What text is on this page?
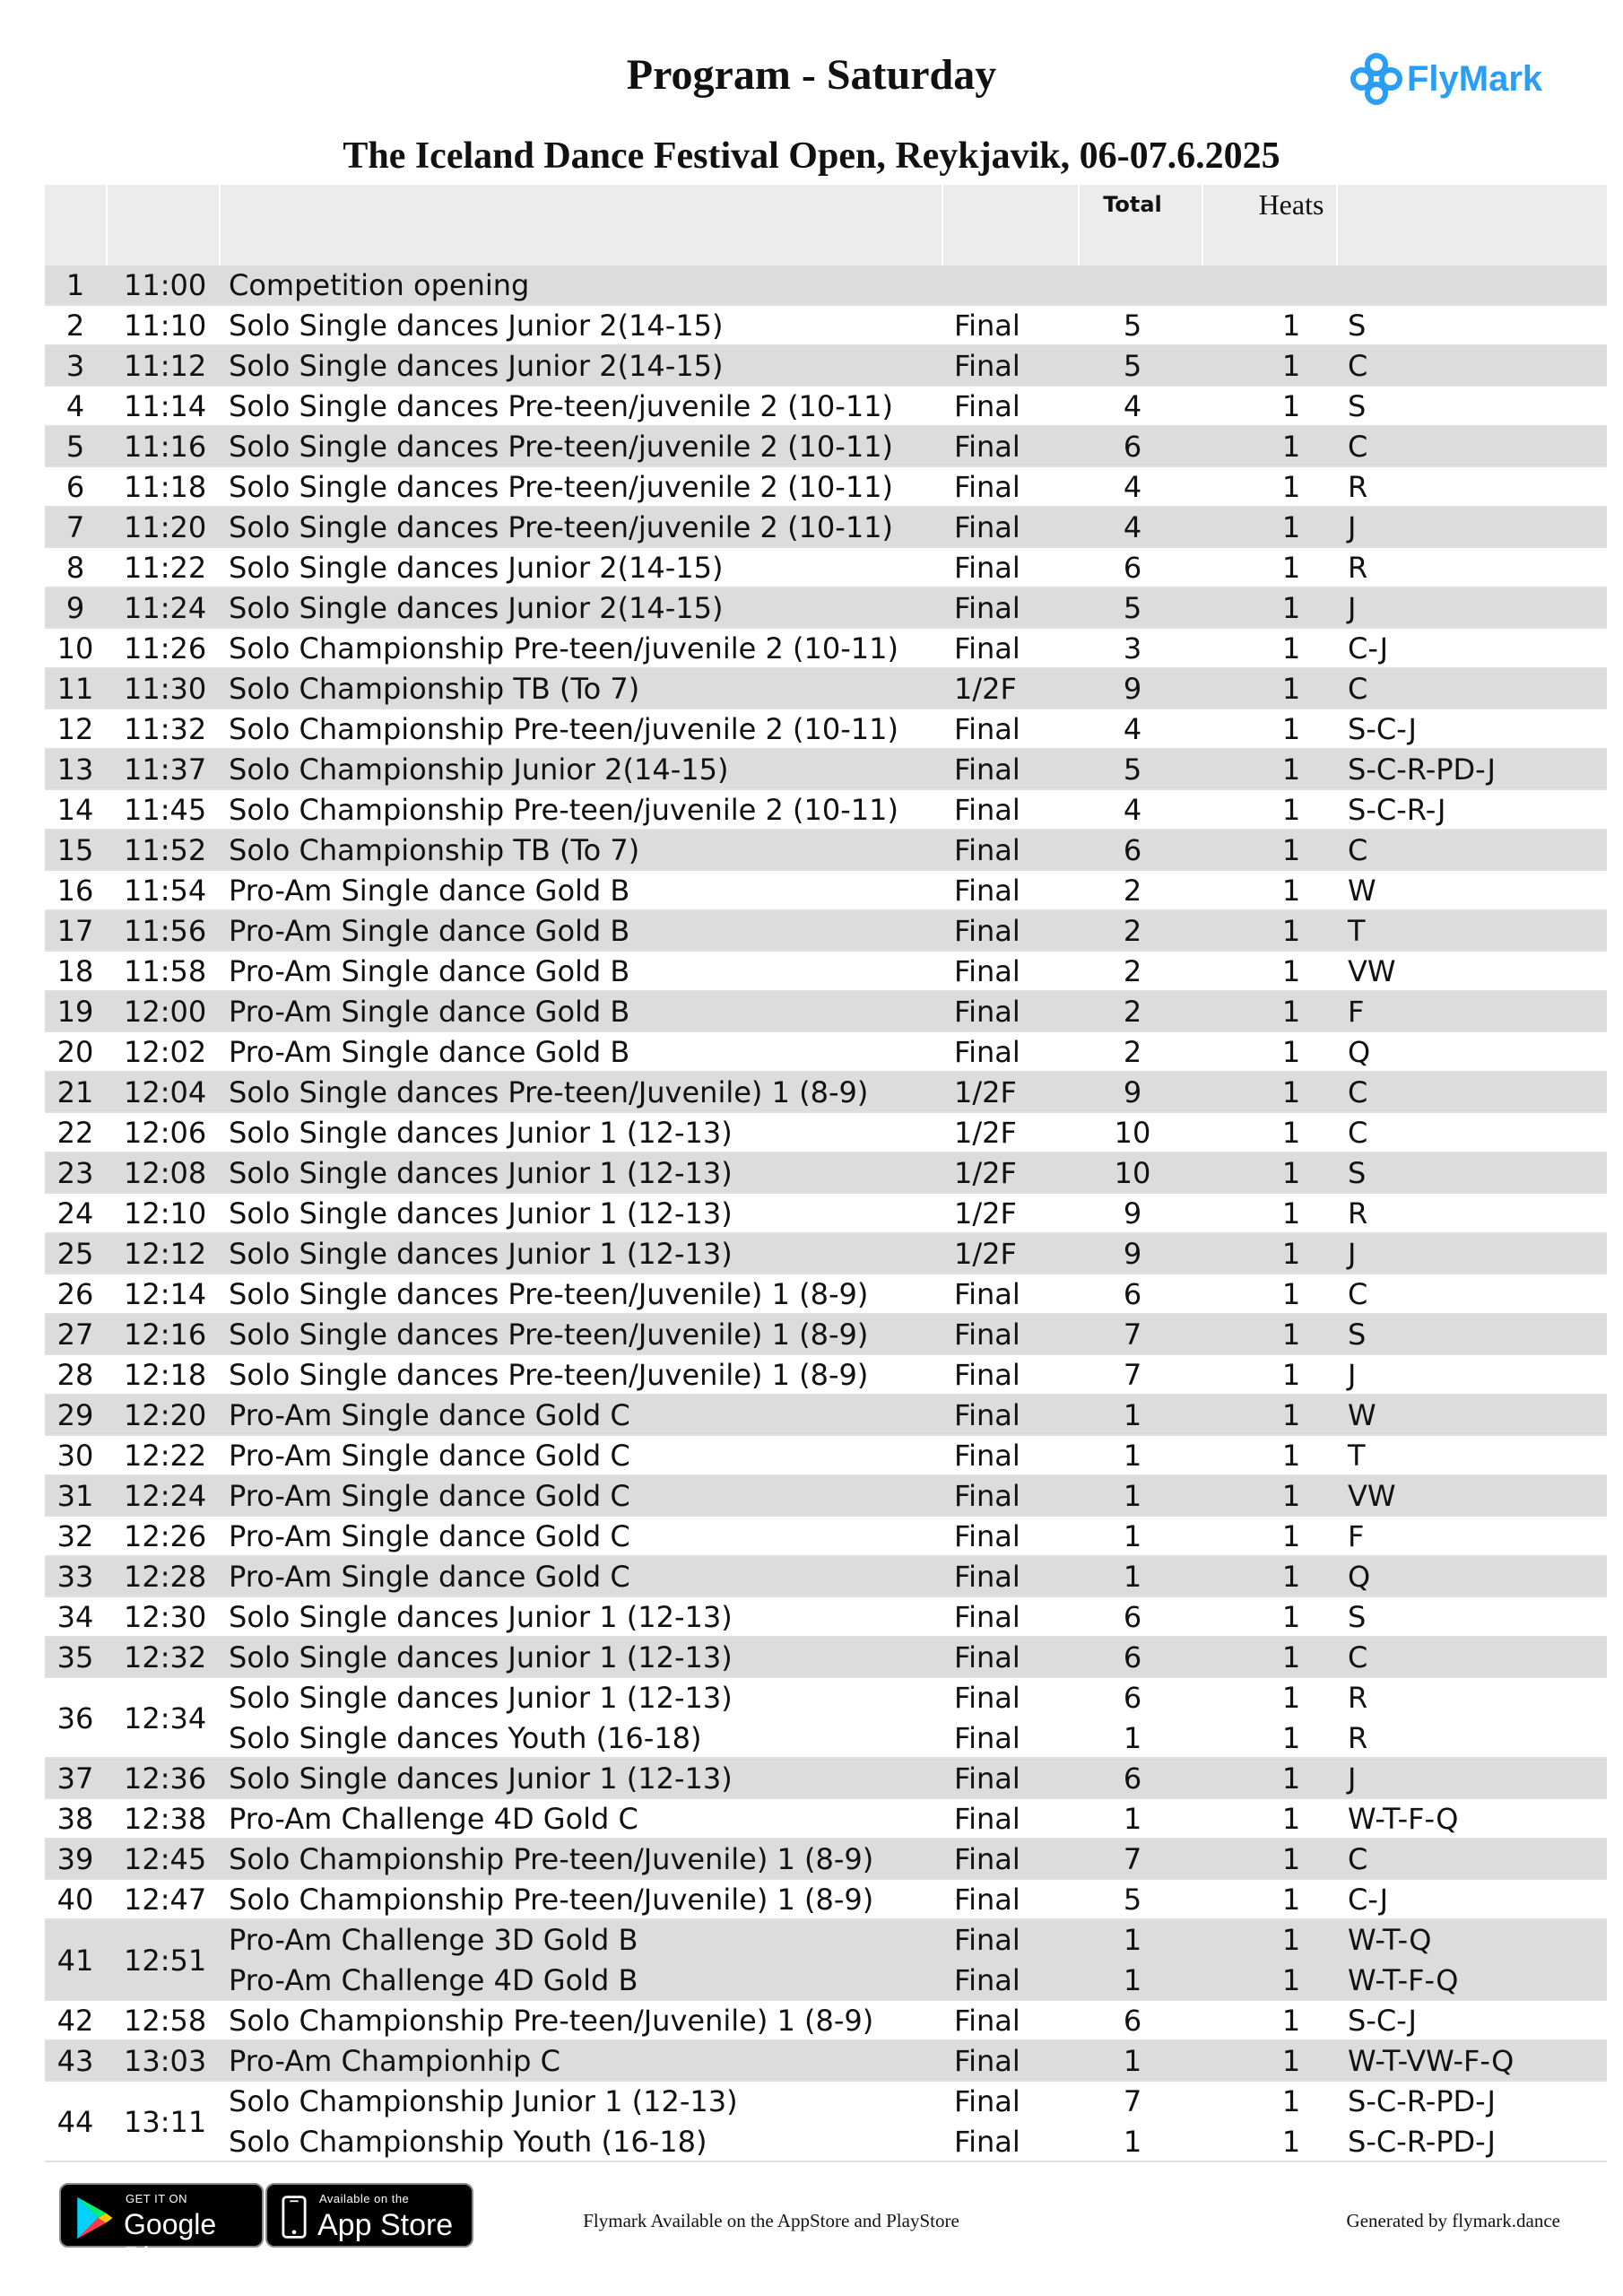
Program - Saturday	FlyMark
The Iceland Dance Festival Open, Reykjavik, 06-07.6.2025
Total	Heats
1	11:00 Competition opening
2	11:10 Solo Single dances Junior 2(14-15)	Final	5	1	S
3	11:12 Solo Single dances Junior 2(14-15)	Final	5	1	C
4	11:14 Solo Single dances Pre-teen/juvenile 2 (10-11) Final	4	1	S
5	11:16 Solo Single dances Pre-teen/juvenile 2 (10-11) Final	6	1	C
6	11:18 Solo Single dances Pre-teen/juvenile 2 (10-11) Final	4	1	R
7	11:20 Solo Single dances Pre-teen/juvenile 2 (10-11) Final	4	1	J
8	11:22 Solo Single dances Junior 2(14-15)	Final	6	1	R
9	11:24 Solo Single dances Junior 2(14-15)	Final	5	1	J
10	11:26 Solo Championship Pre-teen/juvenile 2 (10-11) Final	3	1	C-J
11	11:30 Solo Championship TB (To 7)	1/2F	9	1	C
12	11:32 Solo Championship Pre-teen/juvenile 2 (10-11) Final	4	1	S-C-J
13	11:37 Solo Championship Junior 2(14-15)	Final	5	1	S-C-R-PD-J
14	11:45 Solo Championship Pre-teen/juvenile 2 (10-11) Final	4	1	S-C-R-J
15	11:52 Solo Championship TB (To 7)	Final	6	1	C
16	11:54 Pro-Am Single dance Gold B	Final	2	1	W
17	11:56 Pro-Am Single dance Gold B	Final	2	1	T
18	11:58 Pro-Am Single dance Gold B	Final	2	1	VW
19	12:00 Pro-Am Single dance Gold B	Final	2	1	F
20	12:02 Pro-Am Single dance Gold B	Final	2	1	Q
21	12:04 Solo Single dances Pre-teen/Juvenile) 1 (8-9)	1/2F	9	1	C
22	12:06 Solo Single dances Junior 1 (12-13)	1/2F	10	1	C
23	12:08 Solo Single dances Junior 1 (12-13)	1/2F	10	1	S
24	12:10 Solo Single dances Junior 1 (12-13)	1/2F	9	1	R
25	12:12 Solo Single dances Junior 1 (12-13)	1/2F	9	1	J
26	12:14 Solo Single dances Pre-teen/Juvenile) 1 (8-9)	Final	6	1	C
27	12:16 Solo Single dances Pre-teen/Juvenile) 1 (8-9)	Final	7	1	S
28	12:18 Solo Single dances Pre-teen/Juvenile) 1 (8-9)	Final	7	1	J
29	12:20 Pro-Am Single dance Gold C	Final	1	1	W
30	12:22 Pro-Am Single dance Gold C	Final	1	1	T
31	12:24 Pro-Am Single dance Gold C	Final	1	1	VW
32	12:26 Pro-Am Single dance Gold C	Final	1	1	F
33	12:28 Pro-Am Single dance Gold C	Final	1	1	Q
34	12:30 Solo Single dances Junior 1 (12-13)	Final	6	1	S
35	12:32 Solo Single dances Junior 1 (12-13)	Final	6	1	C
36	12:34
Solo Single dances Junior 1 (12-13)	Final	6	1	R
Solo Single dances Youth (16-18)	Final	1	1	R
37	12:36 Solo Single dances Junior 1 (12-13)	Final	6	1	J
38	12:38 Pro-Am Challenge 4D Gold C	Final	1	1	W-T-F-Q
39	12:45 Solo Championship Pre-teen/Juvenile) 1 (8-9)	Final	7	1	C
40	12:47 Solo Championship Pre-teen/Juvenile) 1 (8-9)	Final	5	1	C-J
41	12:51
Pro-Am Challenge 3D Gold B	Final	1	1	W-T-Q
Pro-Am Challenge 4D Gold B	Final	1	1	W-T-F-Q
42	12:58 Solo Championship Pre-teen/Juvenile) 1 (8-9)	Final	6	1	S-C-J
43	13:03 Pro-Am Championhip C	Final	1	1	W-T-VW-F-Q
44	13:11
Solo Championship Junior 1 (12-13)	Final	7	1	S-C-R-PD-J
Solo Championship Youth (16-18)	Final	1	1	S-C-R-PD-J
GET IT ON
Google Play
Available on the
App Store	Flymark Available on the AppStore and PlayStore	Generated by flymark.dance
